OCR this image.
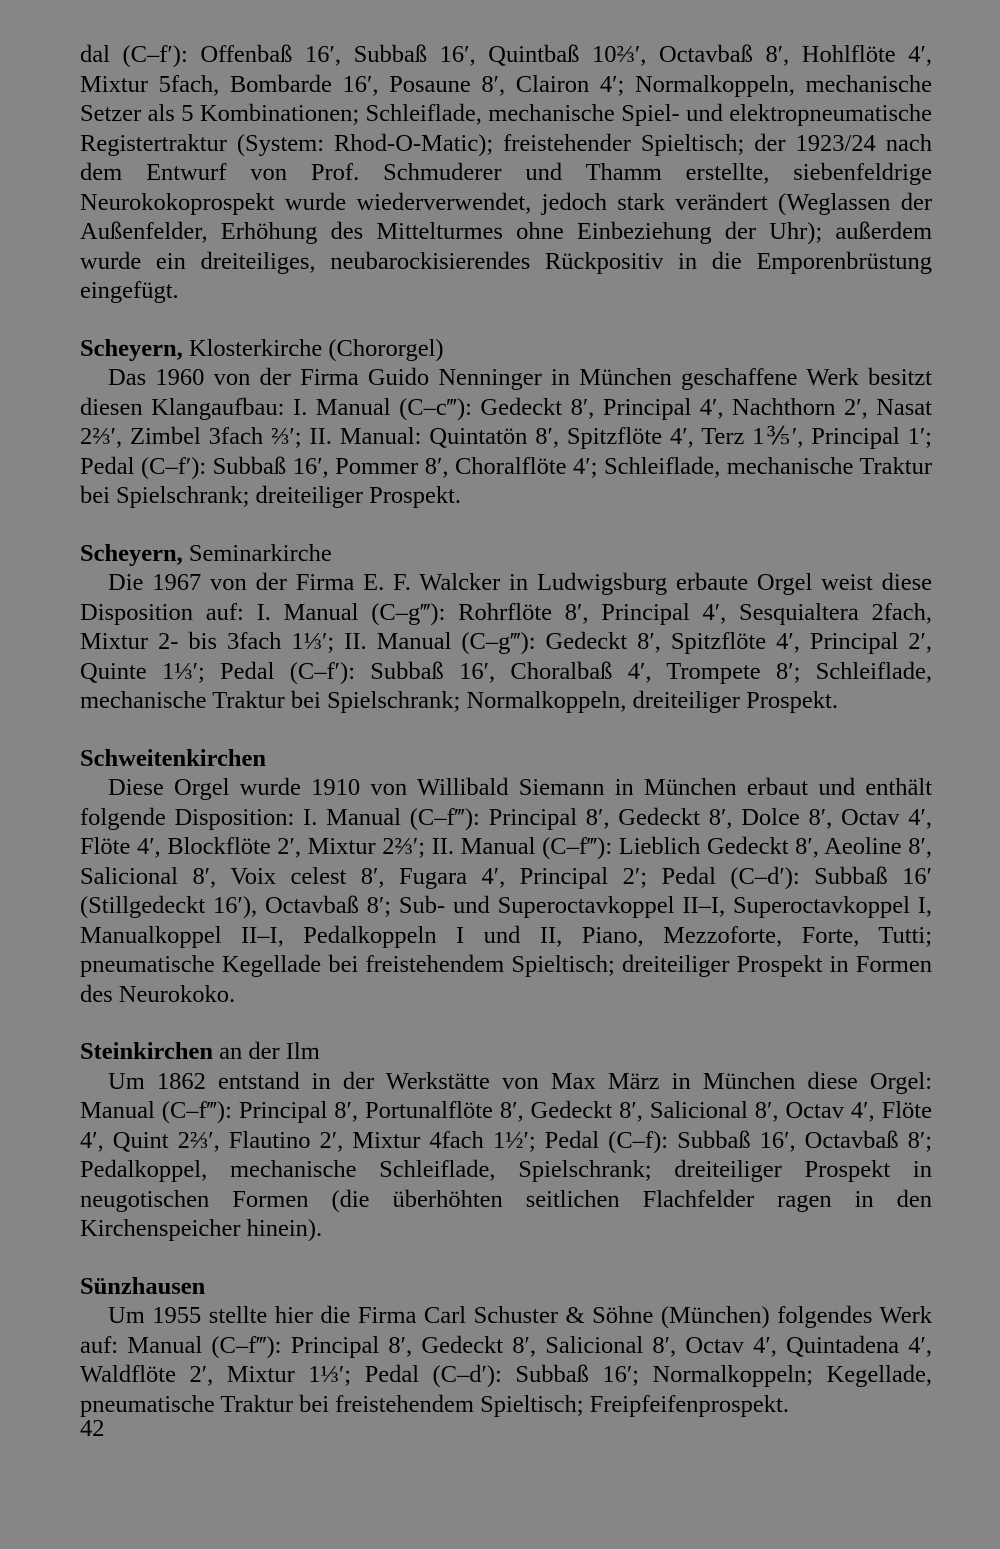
dal (C–f′): Offenbaß 16′, Subbaß 16′, Quintbaß 10⅔′, Octavbaß 8′, Hohlflöte 4′, Mixtur 5fach, Bombarde 16′, Posaune 8′, Clairon 4′; Normalkoppeln, mechanische Setzer als 5 Kombinationen; Schleiflade, mechanische Spiel- und elektropneumatische Registertraktur (System: Rhod-O-Matic); freistehender Spieltisch; der 1923/24 nach dem Entwurf von Prof. Schmuderer und Thamm erstellte, siebenfeldrige Neurokokoprospekt wurde wiederverwendet, jedoch stark verändert (Weglassen der Außenfelder, Erhöhung des Mittelturmes ohne Einbeziehung der Uhr); außerdem wurde ein dreiteiliges, neubarockisierendes Rückpositiv in die Emporenbrüstung eingefügt.

Scheyern, Klosterkirche (Chororgel)

Das 1960 von der Firma Guido Nenninger in München geschaffene Werk besitzt diesen Klangaufbau: I. Manual (C–c‴): Gedeckt 8′, Principal 4′, Nachthorn 2′, Nasat 2⅔′, Zimbel 3fach ⅔′; II. Manual: Quintatön 8′, Spitzflöte 4′, Terz 1⅗′, Principal 1′; Pedal (C–f′): Subbaß 16′, Pommer 8′, Choralflöte 4′; Schleiflade, mechanische Traktur bei Spielschrank; dreiteiliger Prospekt.

Scheyern, Seminarkirche

Die 1967 von der Firma E. F. Walcker in Ludwigsburg erbaute Orgel weist diese Disposition auf: I. Manual (C–g‴): Rohrflöte 8′, Principal 4′, Sesquialtera 2fach, Mixtur 2- bis 3fach 1⅓′; II. Manual (C–g‴): Gedeckt 8′, Spitzflöte 4′, Principal 2′, Quinte 1⅓′; Pedal (C–f′): Subbaß 16′, Choralbaß 4′, Trompete 8′; Schleiflade, mechanische Traktur bei Spielschrank; Normalkoppeln, dreiteiliger Prospekt.

Schweitenkirchen

Diese Orgel wurde 1910 von Willibald Siemann in München erbaut und enthält folgende Disposition: I. Manual (C–f‴): Principal 8′, Gedeckt 8′, Dolce 8′, Octav 4′, Flöte 4′, Blockflöte 2′, Mixtur 2⅔′; II. Manual (C–f‴): Lieblich Gedeckt 8′, Aeoline 8′, Salicional 8′, Voix celest 8′, Fugara 4′, Principal 2′; Pedal (C–d′): Subbaß 16′ (Stillgedeckt 16′), Octavbaß 8′; Sub- und Superoctavkoppel II–I, Superoctavkoppel I, Manualkoppel II–I, Pedalkoppeln I und II, Piano, Mezzoforte, Forte, Tutti; pneumatische Kegellade bei freistehendem Spieltisch; dreiteiliger Prospekt in Formen des Neurokoko.

Steinkirchen an der Ilm

Um 1862 entstand in der Werkstätte von Max März in München diese Orgel: Manual (C–f‴): Principal 8′, Portunalflöte 8′, Gedeckt 8′, Salicional 8′, Octav 4′, Flöte 4′, Quint 2⅔′, Flautino 2′, Mixtur 4fach 1½′; Pedal (C–f): Subbaß 16′, Octavbaß 8′; Pedalkoppel, mechanische Schleiflade, Spielschrank; dreiteiliger Prospekt in neugotischen Formen (die überhöhten seitlichen Flachfelder ragen in den Kirchenspeicher hinein).

Sünzhausen

Um 1955 stellte hier die Firma Carl Schuster & Söhne (München) folgendes Werk auf: Manual (C–f‴): Principal 8′, Gedeckt 8′, Salicional 8′, Octav 4′, Quintadena 4′, Waldflöte 2′, Mixtur 1⅓′; Pedal (C–d′): Subbaß 16′; Normalkoppeln; Kegellade, pneumatische Traktur bei freistehendem Spieltisch; Freipfeifenprospekt.

42
